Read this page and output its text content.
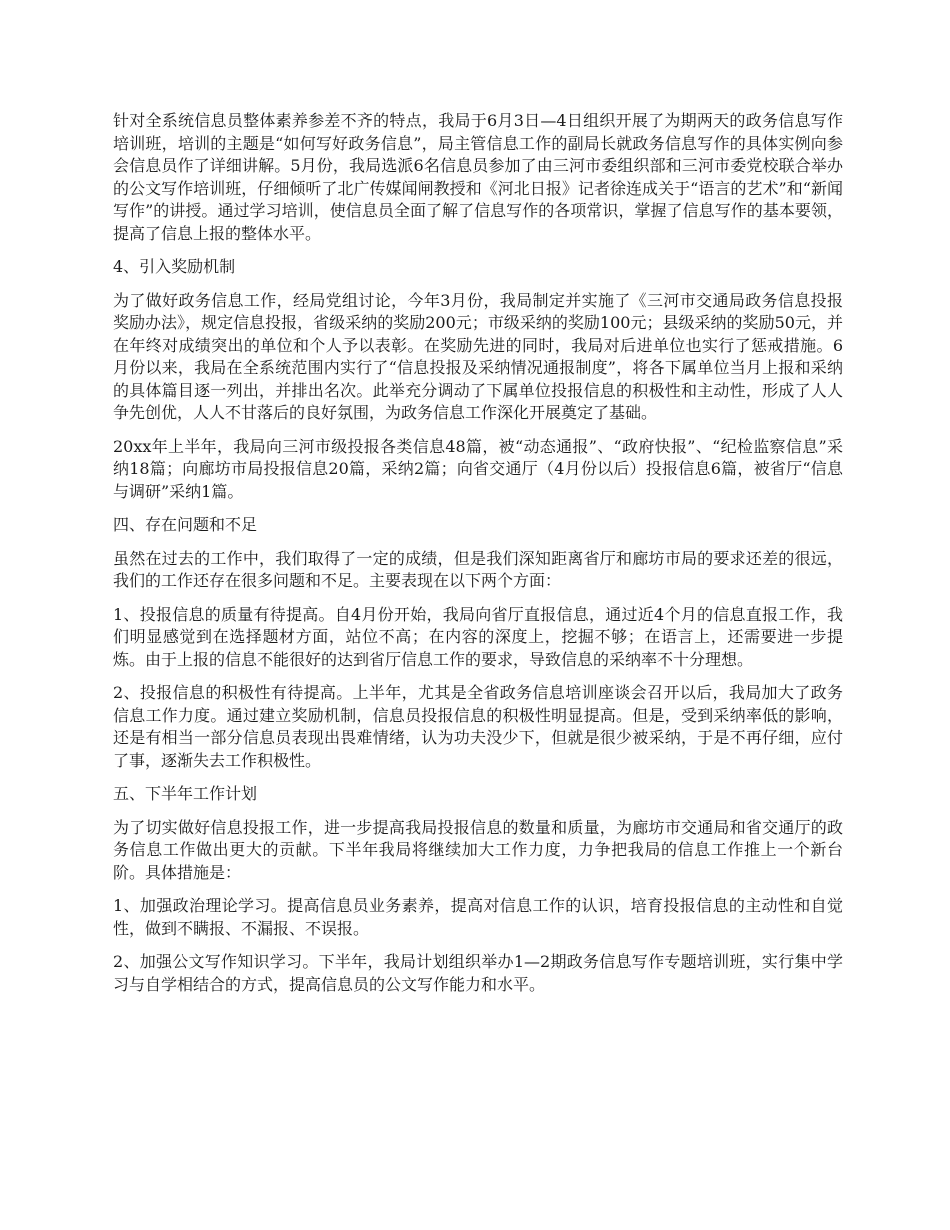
针对全系统信息员整体素养参差不齐的特点，我局于6月3日—4日组织开展了为期两天的政务信息写作培训班，培训的主题是“如何写好政务信息”，局主管信息工作的副局长就政务信息写作的具体实例向参会信息员作了详细讲解。5月份，我局选派6名信息员参加了由三河市委组织部和三河市委党校联合举办的公文写作培训班，仔细倾听了北广传媒闻闸教授和《河北日报》记者徐连成关于“语言的艺术”和“新闻写作”的讲授。通过学习培训，使信息员全面了解了信息写作的各项常识，掌握了信息写作的基本要领，提高了信息上报的整体水平。

4、引入奖励机制

为了做好政务信息工作，经局党组讨论，今年3月份，我局制定并实施了《三河市交通局政务信息投报奖励办法》，规定信息投报，省级采纳的奖励200元；市级采纳的奖励100元；县级采纳的奖励50元，并在年终对成绩突出的单位和个人予以表彰。在奖励先进的同时，我局对后进单位也实行了惩戒措施。6月份以来，我局在全系统范围内实行了“信息投报及采纳情况通报制度”，将各下属单位当月上报和采纳的具体篇目逐一列出，并排出名次。此举充分调动了下属单位投报信息的积极性和主动性，形成了人人争先创优，人人不甘落后的良好氛围，为政务信息工作深化开展奠定了基础。

20xx年上半年，我局向三河市级投报各类信息48篇，被“动态通报”、“政府快报”、“纪检监察信息”采纳18篇；向廊坊市局投报信息20篇，采纳2篇；向省交通厅（4月份以后）投报信息6篇，被省厅“信息与调研”采纳1篇。

四、存在问题和不足

虽然在过去的工作中，我们取得了一定的成绩，但是我们深知距离省厅和廊坊市局的要求还差的很远，我们的工作还存在很多问题和不足。主要表现在以下两个方面：

1、投报信息的质量有待提高。自4月份开始，我局向省厅直报信息，通过近4个月的信息直报工作，我们明显感觉到在选择题材方面，站位不高；在内容的深度上，挖掘不够；在语言上，还需要进一步提炼。由于上报的信息不能很好的达到省厅信息工作的要求，导致信息的采纳率不十分理想。

2、投报信息的积极性有待提高。上半年，尤其是全省政务信息培训座谈会召开以后，我局加大了政务信息工作力度。通过建立奖励机制，信息员投报信息的积极性明显提高。但是，受到采纳率低的影响，还是有相当一部分信息员表现出畏难情绪，认为功夫没少下，但就是很少被采纳，于是不再仔细，应付了事，逐渐失去工作积极性。

五、下半年工作计划

为了切实做好信息投报工作，进一步提高我局投报信息的数量和质量，为廊坊市交通局和省交通厅的政务信息工作做出更大的贡献。下半年我局将继续加大工作力度，力争把我局的信息工作推上一个新台阶。具体措施是：

1、加强政治理论学习。提高信息员业务素养，提高对信息工作的认识，培育投报信息的主动性和自觉性，做到不瞒报、不漏报、不误报。

2、加强公文写作知识学习。下半年，我局计划组织举办1—2期政务信息写作专题培训班，实行集中学习与自学相结合的方式，提高信息员的公文写作能力和水平。
